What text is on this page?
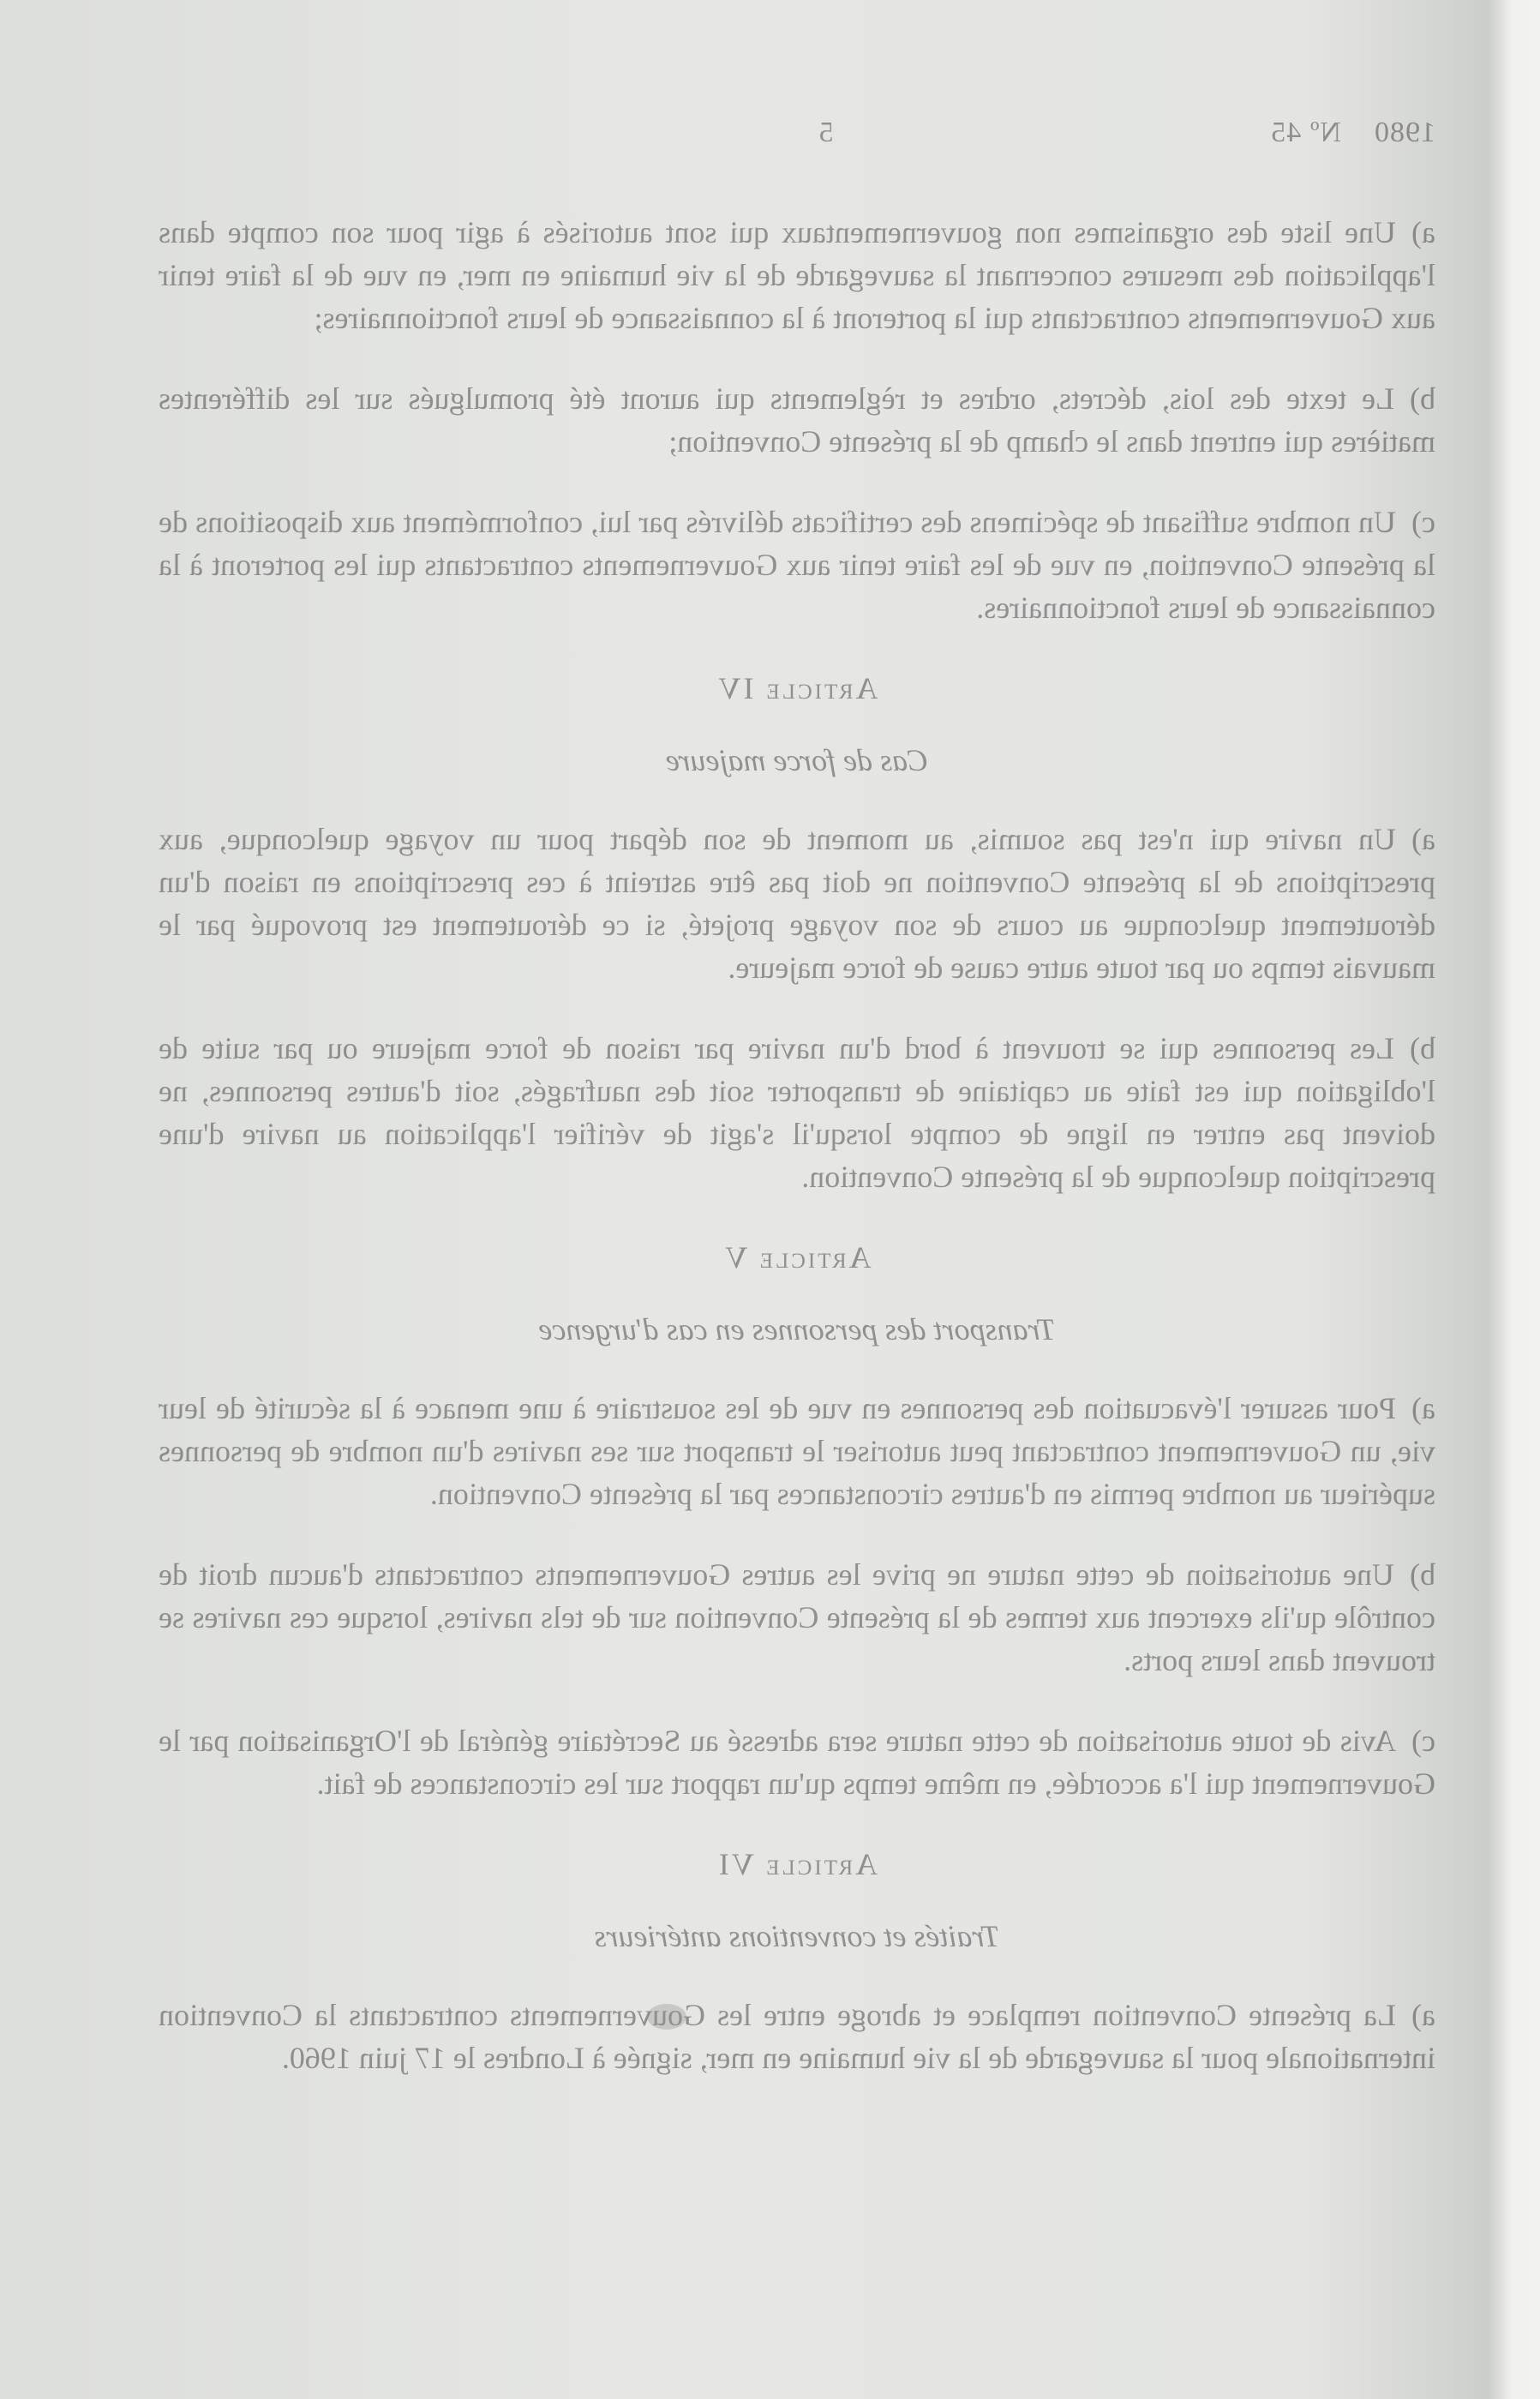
1980    Nº 45
5

a)Une liste des organismes non gouvernementaux qui sont autorisés à agir pour son compte dans l'application des mesures concernant la sauvegarde de la vie humaine en mer, en vue de la faire tenir aux Gouvernements contractants qui la porteront à la connaissance de leurs fonctionnaires;

b)Le texte des lois, décrets, ordres et règlements qui auront été promulgués sur les différentes matières qui entrent dans le champ de la présente Convention;

c)Un nombre suffisant de spécimens des certificats délivrés par lui, conformément aux dispositions de la présente Convention, en vue de les faire tenir aux Gouvernements contractants qui les porteront à la connaissance de leurs fonctionnaires.

Article IV
Cas de force majeure

a)Un navire qui n'est pas soumis, au moment de son départ pour un voyage quelconque, aux prescriptions de la présente Convention ne doit pas être astreint à ces prescriptions en raison d'un déroutement quelconque au cours de son voyage projeté, si ce déroutement est provoqué par le mauvais temps ou par toute autre cause de force majeure.

b)Les personnes qui se trouvent à bord d'un navire par raison de force majeure ou par suite de l'obligation qui est faite au capitaine de transporter soit des naufragés, soit d'autres personnes, ne doivent pas entrer en ligne de compte lorsqu'il s'agit de vérifier l'application au navire d'une prescription quelconque de la présente Convention.

Article V
Transport des personnes en cas d'urgence

a)Pour assurer l'évacuation des personnes en vue de les soustraire à une menace à la sécurité de leur vie, un Gouvernement contractant peut autoriser le transport sur ses navires d'un nombre de personnes supérieur au nombre permis en d'autres circonstances par la présente Convention.

b)Une autorisation de cette nature ne prive les autres Gouvernements contractants d'aucun droit de contrôle qu'ils exercent aux termes de la présente Convention sur de tels navires, lorsque ces navires se trouvent dans leurs ports.

c)Avis de toute autorisation de cette nature sera adressé au Secrétaire général de l'Organisation par le Gouvernement qui l'a accordée, en même temps qu'un rapport sur les circonstances de fait.

Article VI
Traités et conventions antérieurs

a)La présente Convention remplace et abroge entre les Gouvernements contractants la Convention internationale pour la sauvegarde de la vie humaine en mer, signée à Londres le 17 juin 1960.
